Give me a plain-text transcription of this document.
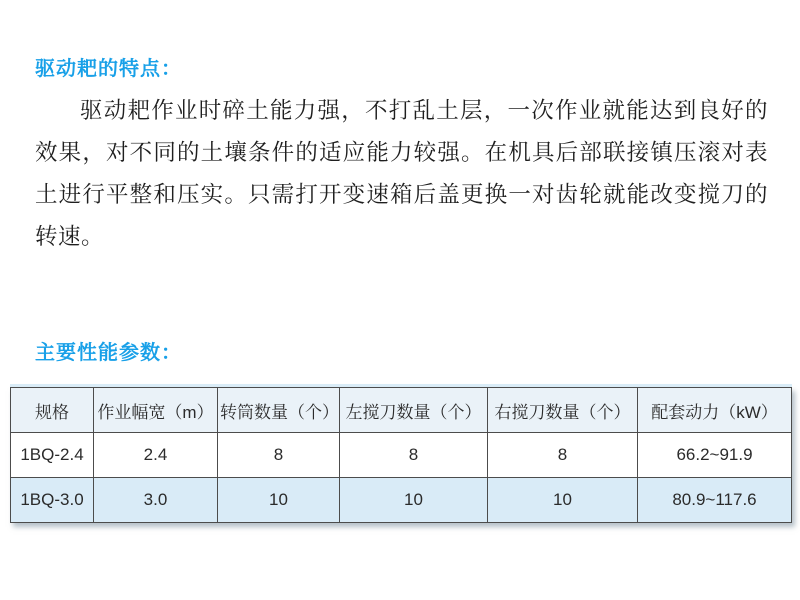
驱动耙的特点：

驱动耙作业时碎土能力强，不打乱土层，一次作业就能达到良好的效果，对不同的土壤条件的适应能力较强。在机具后部联接镇压滚对表土进行平整和压实。只需打开变速箱后盖更换一对齿轮就能改变搅刀的转速。

主要性能参数：
规格	作业幅宽（m）	转筒数量（个）	左搅刀数量（个）	右搅刀数量（个）	配套动力（kW）
1BQ-2.4	2.4	8	8	8	66.2~91.9
1BQ-3.0	3.0	10	10	10	80.9~117.6
